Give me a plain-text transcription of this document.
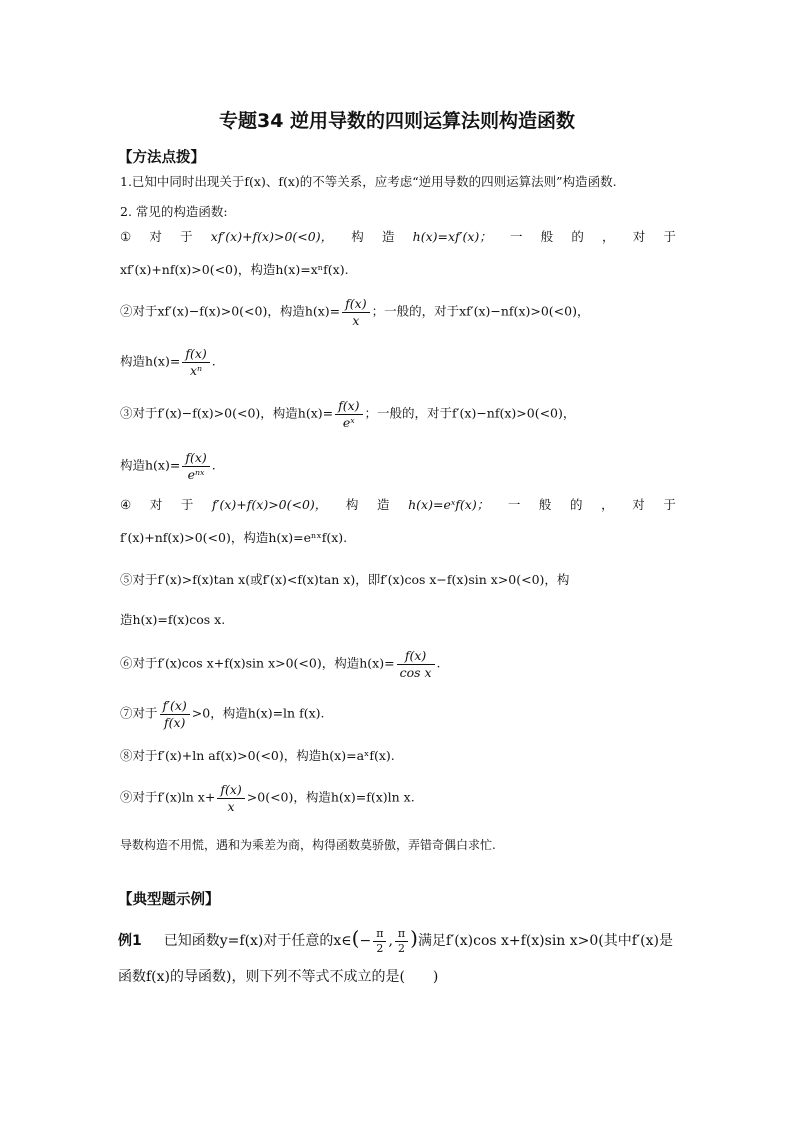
专题34 逆用导数的四则运算法则构造函数
【方法点拨】
1.已知中同时出现关于f(x)、f(x)的不等关系，应考虑“逆用导数的四则运算法则”构造函数.
2. 常见的构造函数:
① 对 于 xf′(x)+f(x)>0(<0)， 构 造 h(x)=xf′(x)； 一 般 的 ， 对 于
xf′(x)+nf(x)>0(<0)，构造h(x)=xⁿf(x).
②对于xf′(x)−f(x)>0(<0)，构造$h(x)= \frac{f(x)}{x}$ ；一般的，对于xf′(x)−nf(x)>0(<0)，
构造$h(x)= \frac{f(x)}{\text{xⁿ}}$ .
③对于f′(x)−f(x)>0(<0)，构造$h(x)= \frac{f(x)}{\text{eˣ}}$ ；一般的，对于f′(x)−nf(x)>0(<0)，
构造$h(x)= \frac{f(x)}{\text{eⁿˣ}}$ .
④ 对 于 f′(x)+f(x)>0(<0)， 构 造 h(x)=eˣf(x)； 一 般 的 ， 对 于
f′(x)+nf(x)>0(<0)，构造h(x)=eⁿˣf(x).
⑤对于f′(x)>f(x)tan x(或f′(x)<f(x)tan x)，即f′(x)cos x−f(x)sin x>0(<0)，构
造h(x)=f(x)cos x.
⑥对于f′(x)cos x+f(x)sin x>0(<0)，构造$h(x)= \frac{f(x)}{\text{cos x}}$ .
⑦对于 $\frac{f'(x)}{f(x)} >0$，构造h(x)=ln f(x).
⑧对于f′(x)+ln af(x)>0(<0)，构造h(x)=aˣf(x).
⑨对于f′(x)ln $x+ \frac{f(x)}{x} >0(<0)$，构造h(x)=f(x)ln x.
导数构造不用慌，遇和为乘差为商，构得函数莫骄傲，弄错奇偶白求忙.
【典型题示例】
例1 已知函数y=f(x)对于任意的x∈(− $\frac{\pi}{2}$ , $\frac{\pi}{2}$ )满足f′(x)cos x+f(x)sin x>0(其中f′(x)是
函数f(x)的导函数)，则下列不等式不成立的是(　　)
